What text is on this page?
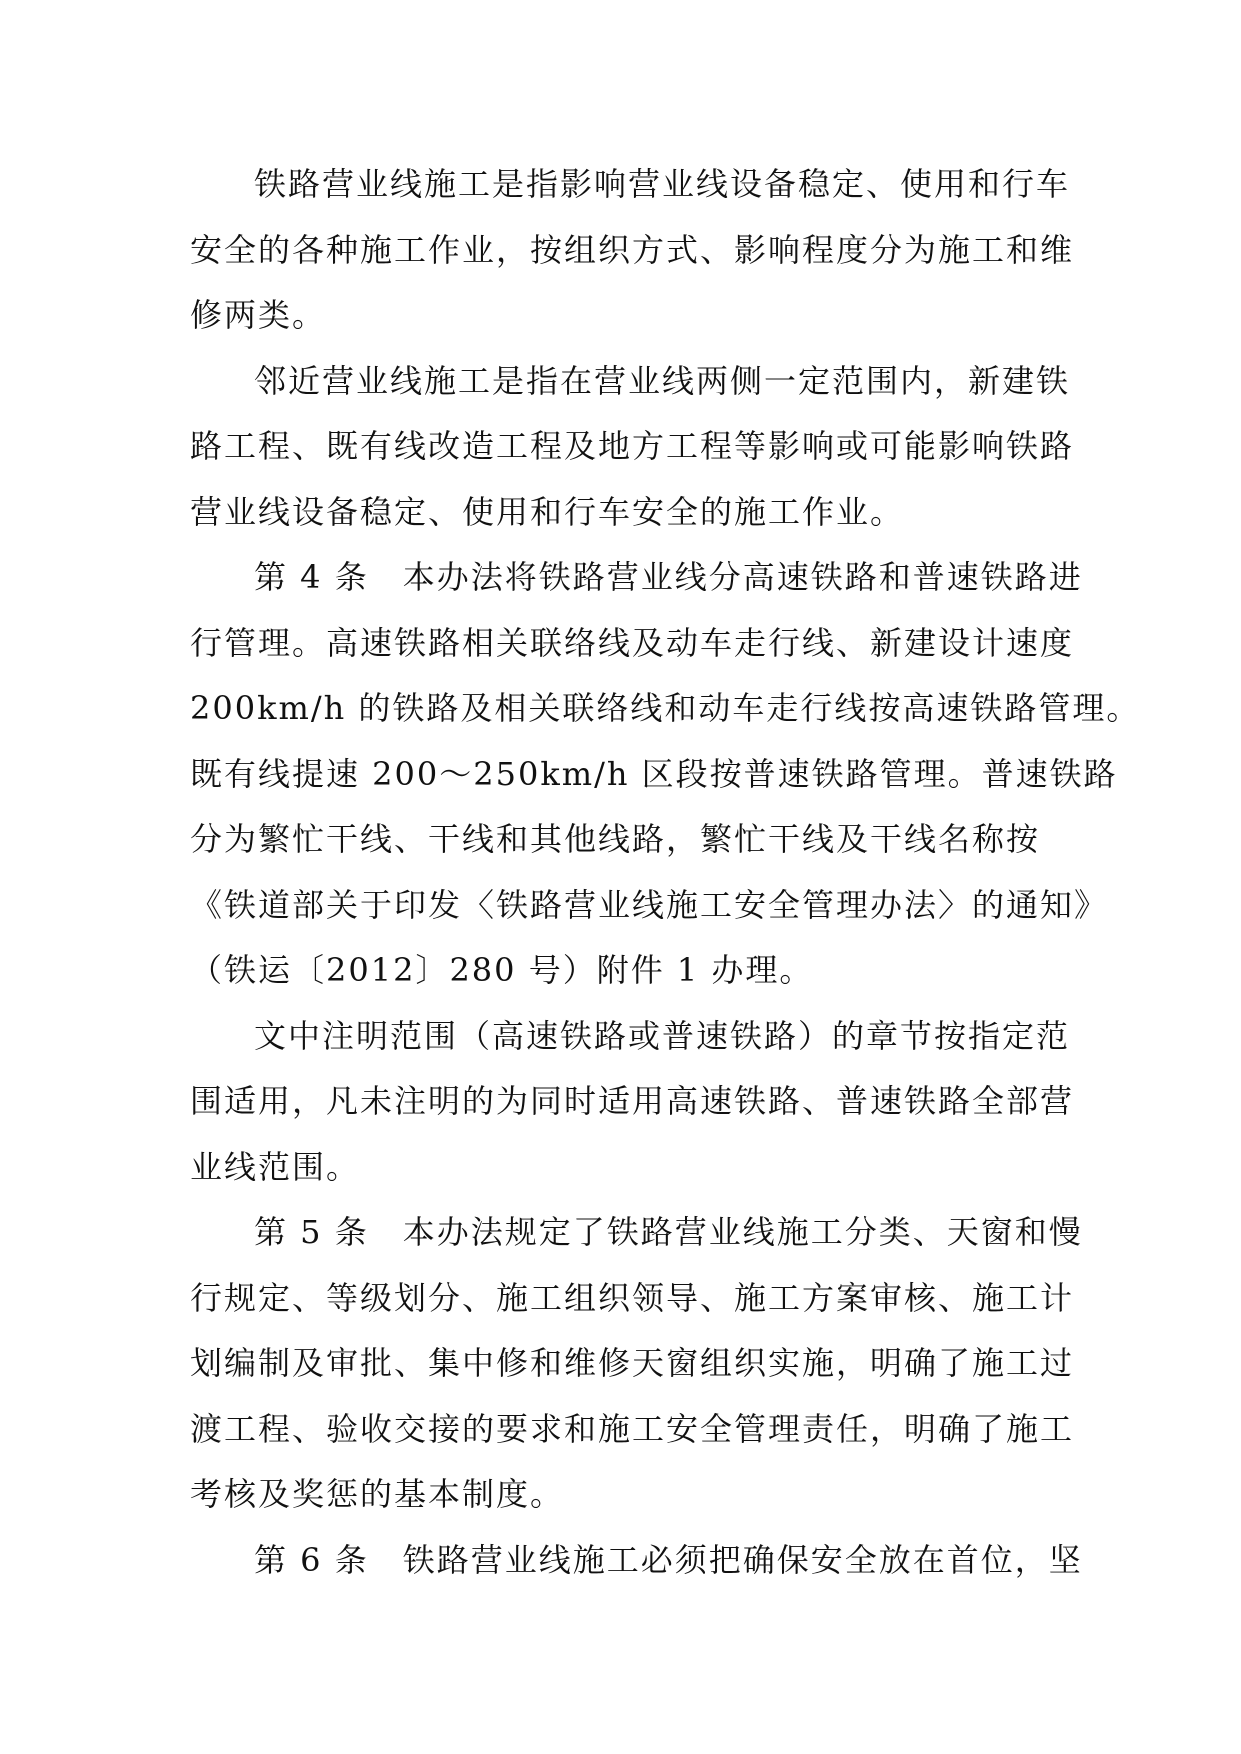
铁路营业线施工是指影响营业线设备稳定、使用和行车
安全的各种施工作业，按组织方式、影响程度分为施工和维
修两类。
邻近营业线施工是指在营业线两侧一定范围内，新建铁
路工程、既有线改造工程及地方工程等影响或可能影响铁路
营业线设备稳定、使用和行车安全的施工作业。
第 4 条　本办法将铁路营业线分高速铁路和普速铁路进
行管理。高速铁路相关联络线及动车走行线、新建设计速度
200km/h 的铁路及相关联络线和动车走行线按高速铁路管理。
既有线提速 200～250km/h 区段按普速铁路管理。普速铁路
分为繁忙干线、干线和其他线路，繁忙干线及干线名称按
《铁道部关于印发〈铁路营业线施工安全管理办法〉的通知》
（铁运〔2012〕280 号）附件 1 办理。
文中注明范围（高速铁路或普速铁路）的章节按指定范
围适用，凡未注明的为同时适用高速铁路、普速铁路全部营
业线范围。
第 5 条　本办法规定了铁路营业线施工分类、天窗和慢
行规定、等级划分、施工组织领导、施工方案审核、施工计
划编制及审批、集中修和维修天窗组织实施，明确了施工过
渡工程、验收交接的要求和施工安全管理责任，明确了施工
考核及奖惩的基本制度。
第 6 条　铁路营业线施工必须把确保安全放在首位，坚
